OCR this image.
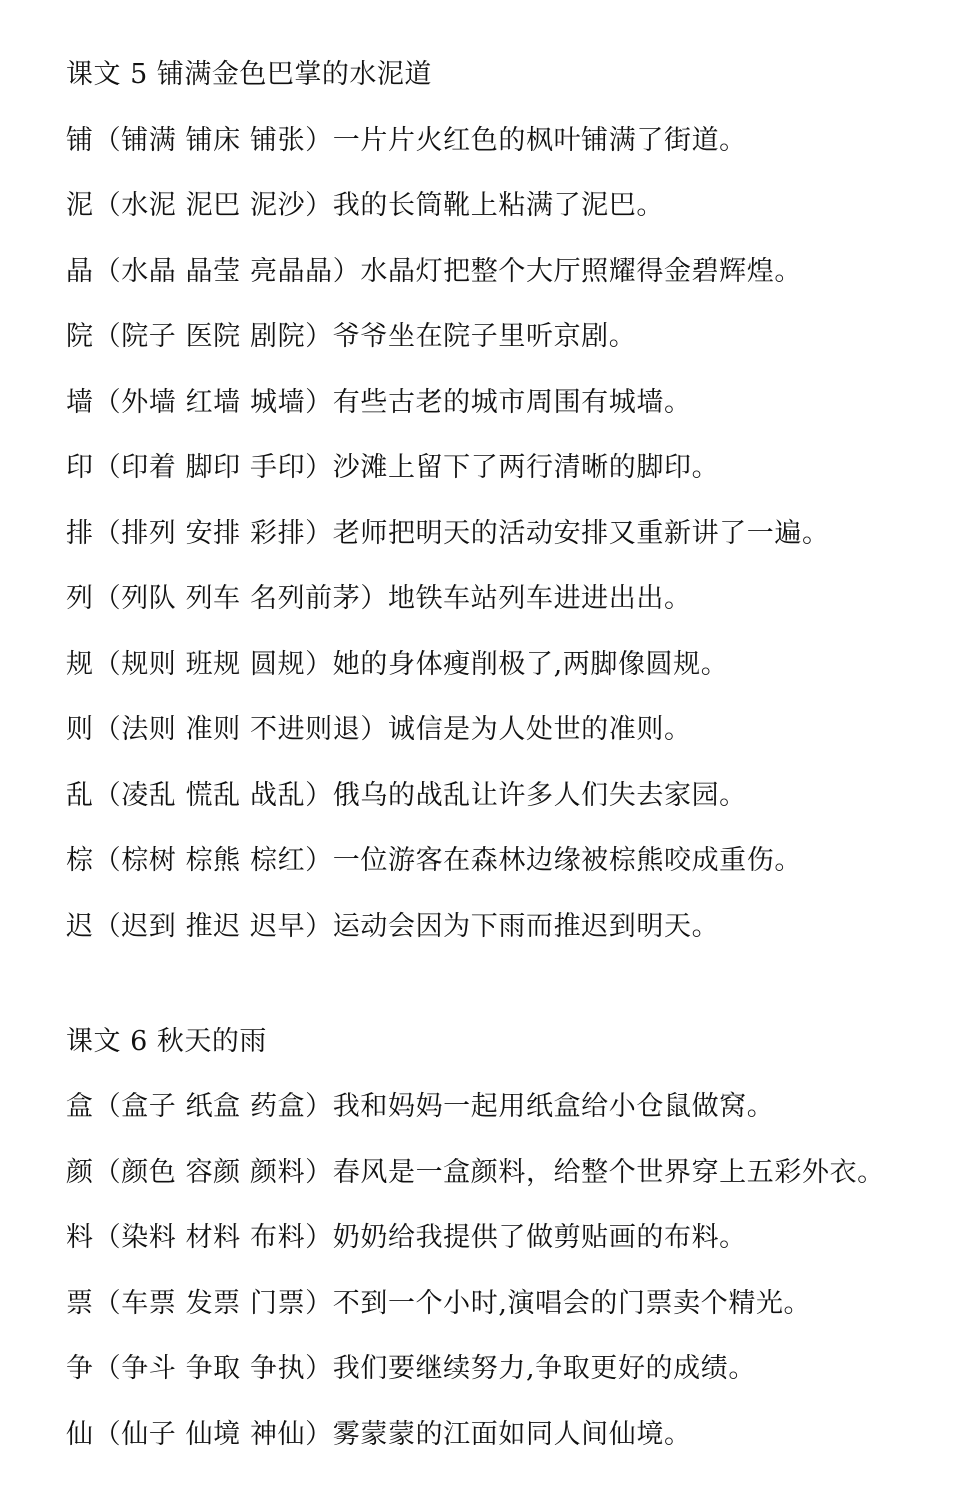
课文 5 铺满金色巴掌的水泥道

铺（铺满 铺床 铺张）一片片火红色的枫叶铺满了街道。

泥（水泥 泥巴 泥沙）我的长筒靴上粘满了泥巴。

晶（水晶 晶莹 亮晶晶）水晶灯把整个大厅照耀得金碧辉煌。

院（院子 医院 剧院）爷爷坐在院子里听京剧。

墙（外墙 红墙 城墙）有些古老的城市周围有城墙。

印（印着 脚印 手印）沙滩上留下了两行清晰的脚印。

排（排列 安排 彩排）老师把明天的活动安排又重新讲了一遍。

列（列队 列车 名列前茅）地铁车站列车进进出出。

规（规则 班规 圆规）她的身体瘦削极了,两脚像圆规。

则（法则 准则 不进则退）诚信是为人处世的准则。

乱（凌乱 慌乱 战乱）俄乌的战乱让许多人们失去家园。

棕（棕树 棕熊 棕红）一位游客在森林边缘被棕熊咬成重伤。

迟（迟到 推迟 迟早）运动会因为下雨而推迟到明天。

课文 6 秋天的雨

盒（盒子 纸盒 药盒）我和妈妈一起用纸盒给小仓鼠做窝。

颜（颜色 容颜 颜料）春风是一盒颜料，给整个世界穿上五彩外衣。

料（染料 材料 布料）奶奶给我提供了做剪贴画的布料。

票（车票 发票 门票）不到一个小时,演唱会的门票卖个精光。

争（争斗 争取 争执）我们要继续努力,争取更好的成绩。

仙（仙子 仙境 神仙）雾蒙蒙的江面如同人间仙境。
